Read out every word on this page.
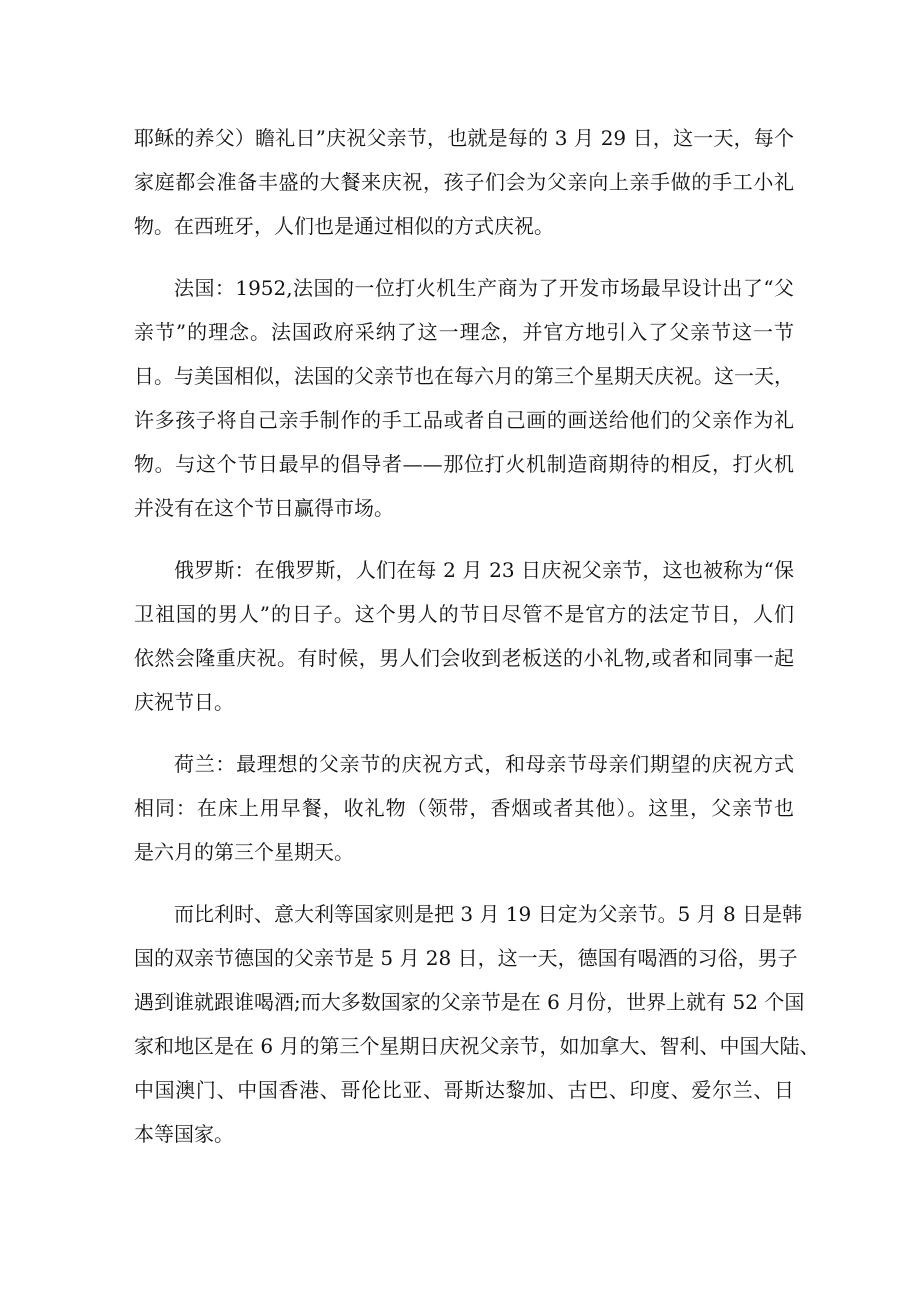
耶稣的养父）瞻礼日”庆祝父亲节，也就是每的 3 月 29 日，这一天，每个
家庭都会准备丰盛的大餐来庆祝，孩子们会为父亲向上亲手做的手工小礼
物。在西班牙，人们也是通过相似的方式庆祝。

法国：1952,法国的一位打火机生产商为了开发市场最早设计出了“父
亲节”的理念。法国政府采纳了这一理念，并官方地引入了父亲节这一节
日。与美国相似，法国的父亲节也在每六月的第三个星期天庆祝。这一天，
许多孩子将自己亲手制作的手工品或者自己画的画送给他们的父亲作为礼
物。与这个节日最早的倡导者——那位打火机制造商期待的相反，打火机
并没有在这个节日赢得市场。

俄罗斯：在俄罗斯，人们在每 2 月 23 日庆祝父亲节，这也被称为“保
卫祖国的男人”的日子。这个男人的节日尽管不是官方的法定节日，人们
依然会隆重庆祝。有时候，男人们会收到老板送的小礼物,或者和同事一起
庆祝节日。

荷兰：最理想的父亲节的庆祝方式，和母亲节母亲们期望的庆祝方式
相同：在床上用早餐，收礼物（领带，香烟或者其他）。这里，父亲节也
是六月的第三个星期天。

而比利时、意大利等国家则是把 3 月 19 日定为父亲节。5 月 8 日是韩
国的双亲节德国的父亲节是 5 月 28 日，这一天，德国有喝酒的习俗，男子
遇到谁就跟谁喝酒;而大多数国家的父亲节是在 6 月份，世界上就有 52 个国
家和地区是在 6 月的第三个星期日庆祝父亲节，如加拿大、智利、中国大陆、
中国澳门、中国香港、哥伦比亚、哥斯达黎加、古巴、印度、爱尔兰、日
本等国家。
